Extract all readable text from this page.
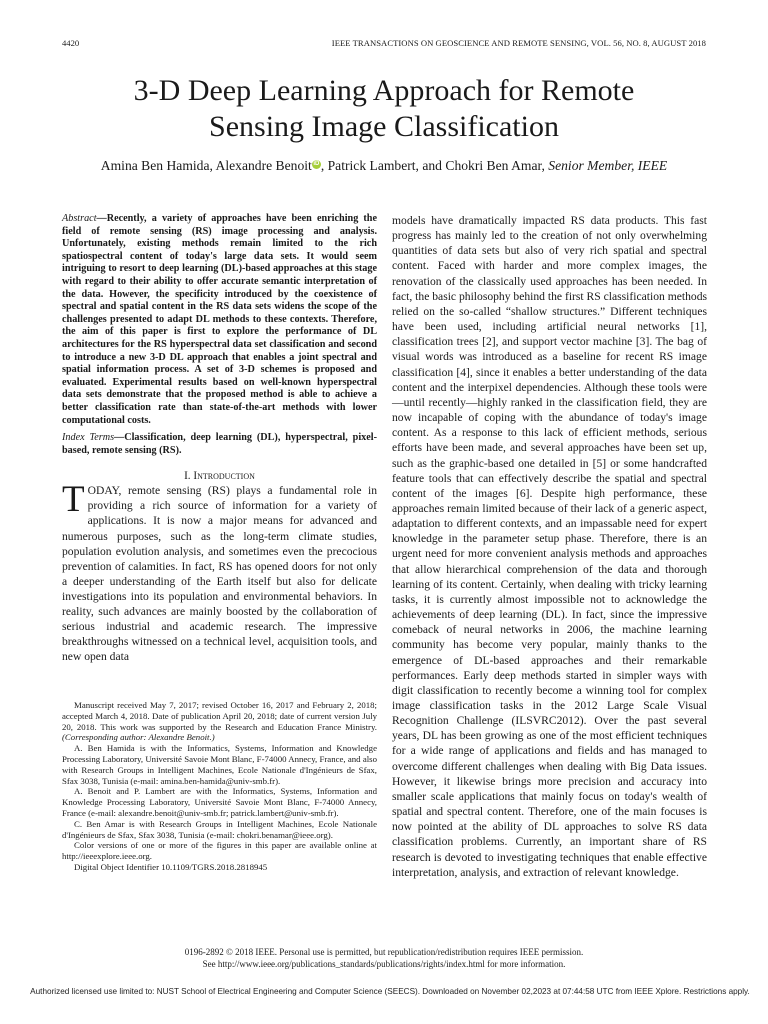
4420	IEEE TRANSACTIONS ON GEOSCIENCE AND REMOTE SENSING, VOL. 56, NO. 8, AUGUST 2018
3-D Deep Learning Approach for Remote
Sensing Image Classification
Amina Ben Hamida, Alexandre Benoit iD , Patrick Lambert, and Chokri Ben Amar, Senior Member, IEEE
Abstract—Recently, a variety of approaches have been enriching the field of remote sensing (RS) image processing and analysis. Unfortunately, existing methods remain limited to the rich spatiospectral content of today's large data sets. It would seem intriguing to resort to deep learning (DL)-based approaches at this stage with regard to their ability to offer accurate semantic interpretation of the data. However, the specificity introduced by the coexistence of spectral and spatial content in the RS data sets widens the scope of the challenges presented to adapt DL methods to these contexts. Therefore, the aim of this paper is first to explore the performance of DL architectures for the RS hyperspectral data set classification and second to introduce a new 3-D DL approach that enables a joint spectral and spatial information process. A set of 3-D schemes is proposed and evaluated. Experimental results based on well-known hyperspectral data sets demonstrate that the proposed method is able to achieve a better classification rate than state-of-the-art methods with lower computational costs.
Index Terms—Classification, deep learning (DL), hyperspectral, pixel-based, remote sensing (RS).
I. Introduction
TODAY, remote sensing (RS) plays a fundamental role in providing a rich source of information for a variety of applications. It is now a major means for advanced and numerous purposes, such as the long-term climate studies, population evolution analysis, and sometimes even the precocious prevention of calamities. In fact, RS has opened doors for not only a deeper understanding of the Earth itself but also for delicate investigations into its population and environmental behaviors. In reality, such advances are mainly boosted by the collaboration of serious industrial and academic research. The impressive breakthroughs witnessed on a technical level, acquisition tools, and new open data

Manuscript received May 7, 2017; revised October 16, 2017 and February 2, 2018; accepted March 4, 2018. Date of publication April 20, 2018; date of current version July 20, 2018. This work was supported by the Research and Education France Ministry. (Corresponding author: Alexandre Benoit.)

A. Ben Hamida is with the Informatics, Systems, Information and Knowledge Processing Laboratory, Université Savoie Mont Blanc, F-74000 Annecy, France, and also with Research Groups in Intelligent Machines, Ecole Nationale d'Ingénieurs de Sfax, Sfax 3038, Tunisia (e-mail: amina.ben-hamida@univ-smb.fr).

A. Benoit and P. Lambert are with the Informatics, Systems, Information and Knowledge Processing Laboratory, Université Savoie Mont Blanc, F-74000 Annecy, France (e-mail: alexandre.benoit@univ-smb.fr; patrick.lambert@univ-smb.fr).

C. Ben Amar is with Research Groups in Intelligent Machines, Ecole Nationale d'Ingénieurs de Sfax, Sfax 3038, Tunisia (e-mail: chokri.benamar@ieee.org).

Color versions of one or more of the figures in this paper are available online at http://ieeexplore.ieee.org.

Digital Object Identifier 10.1109/TGRS.2018.2818945

models have dramatically impacted RS data products. This fast progress has mainly led to the creation of not only overwhelming quantities of data sets but also of very rich spatial and spectral content. Faced with harder and more complex images, the renovation of the classically used approaches has been needed. In fact, the basic philosophy behind the first RS classification methods relied on the so-called “shallow structures.” Different techniques have been used, including artificial neural networks [1], classification trees [2], and support vector machine [3]. The bag of visual words was introduced as a baseline for recent RS image classification [4], since it enables a better understanding of the data content and the interpixel dependencies. Although these tools were—until recently—highly ranked in the classification field, they are now incapable of coping with the abundance of today's image content. As a response to this lack of efficient methods, serious efforts have been made, and several approaches have been set up, such as the graphic-based one detailed in [5] or some handcrafted feature tools that can effectively describe the spatial and spectral content of the images [6]. Despite high performance, these approaches remain limited because of their lack of a generic aspect, adaptation to different contexts, and an impassable need for expert knowledge in the parameter setup phase. Therefore, there is an urgent need for more convenient analysis methods and approaches that allow hierarchical comprehension of the data and thorough learning of its content. Certainly, when dealing with tricky learning tasks, it is currently almost impossible not to acknowledge the achievements of deep learning (DL). In fact, since the impressive comeback of neural networks in 2006, the machine learning community has become very popular, mainly thanks to the emergence of DL-based approaches and their remarkable performances. Early deep methods started in simpler ways with digit classification to recently become a winning tool for complex image classification tasks in the 2012 Large Scale Visual Recognition Challenge (ILSVRC2012). Over the past several years, DL has been growing as one of the most efficient techniques for a wide range of applications and fields and has managed to overcome different challenges when dealing with Big Data issues. However, it likewise brings more precision and accuracy into smaller scale applications that mainly focus on today's wealth of spatial and spectral content. Therefore, one of the main focuses is now pointed at the ability of DL approaches to solve RS data classification problems. Currently, an important share of RS research is devoted to investigating techniques that enable effective interpretation, analysis, and extraction of relevant knowledge.
0196-2892 © 2018 IEEE. Personal use is permitted, but republication/redistribution requires IEEE permission.
See http://www.ieee.org/publications_standards/publications/rights/index.html for more information.
Authorized licensed use limited to: NUST School of Electrical Engineering and Computer Science (SEECS). Downloaded on November 02,2023 at 07:44:58 UTC from IEEE Xplore. Restrictions apply.
